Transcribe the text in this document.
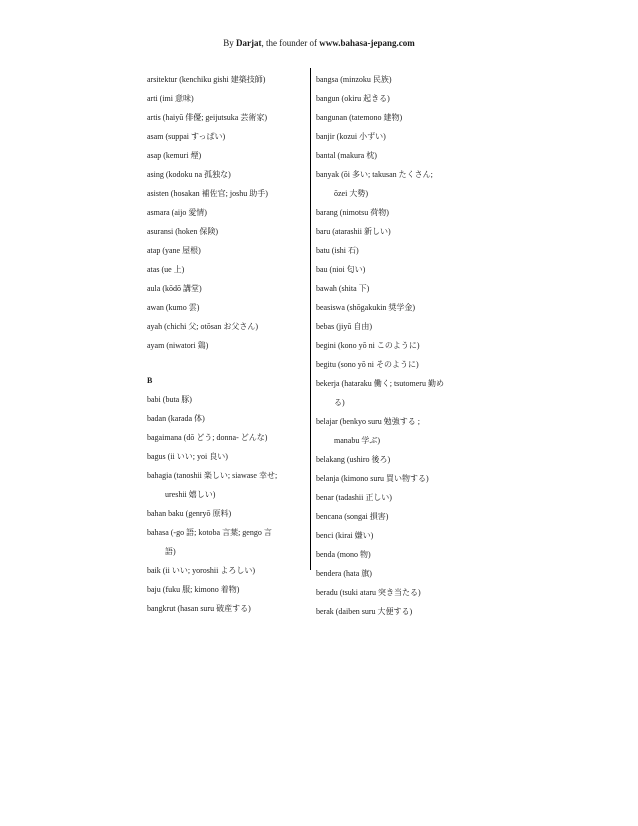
By Darjat, the founder of www.bahasa-jepang.com
arsitektur (kenchiku gishi 建築技師)
arti (imi 意味)
artis (haiyū 俳優; geijutsuka 芸術家)
asam (suppai すっぱい)
asap (kemuri 煙)
asing (kodoku na 孤独な)
asisten (hosakan 補佐官; joshu 助手)
asmara (aijo 愛情)
asuransi (hoken 保険)
atap (yane 屋根)
atas (ue 上)
aula (kōdō 講堂)
awan (kumo 雲)
ayah (chichi 父; otōsan お父さん)
ayam (niwatori 鶏)
B
babi (buta 豚)
badan (karada 体)
bagaimana (dō どう; donna- どんな)
bagus (ii いい; yoi 良い)
bahagia (tanoshii 楽しい; siawase 幸せ;
ureshii 嬉しい)
bahan baku (genryō 原料)
bahasa (-go 語; kotoba 言葉; gengo 言
語)
baik (ii いい; yoroshii よろしい)
baju (fuku 服; kimono 着物)
bangkrut (hasan suru 破産する)
bangsa (minzoku 民族)
bangun (okiru 起きる)
bangunan (tatemono 建物)
banjir (kozui 小ずい)
bantal (makura 枕)
banyak (ōi 多い; takusan たくさん;
ōzei 大勢)
barang (nimotsu 荷物)
baru (atarashii 新しい)
batu (ishi 石)
bau (nioi 匂い)
bawah (shita 下)
beasiswa (shōgakukin 奨学金)
bebas (jiyū 自由)
begini (kono yō ni このように)
begitu (sono yō ni そのように)
bekerja (hataraku 働く; tsutomeru 勤め
る)
belajar (benkyo suru 勉強する ;
manabu 学ぶ)
belakang (ushiro 後ろ)
belanja (kimono suru 買い物する)
benar (tadashii 正しい)
bencana (songai 損害)
benci (kirai 嫌い)
benda (mono 物)
bendera (hata 旗)
beradu (tsuki ataru 突き当たる)
berak (daiben suru 大便する)
